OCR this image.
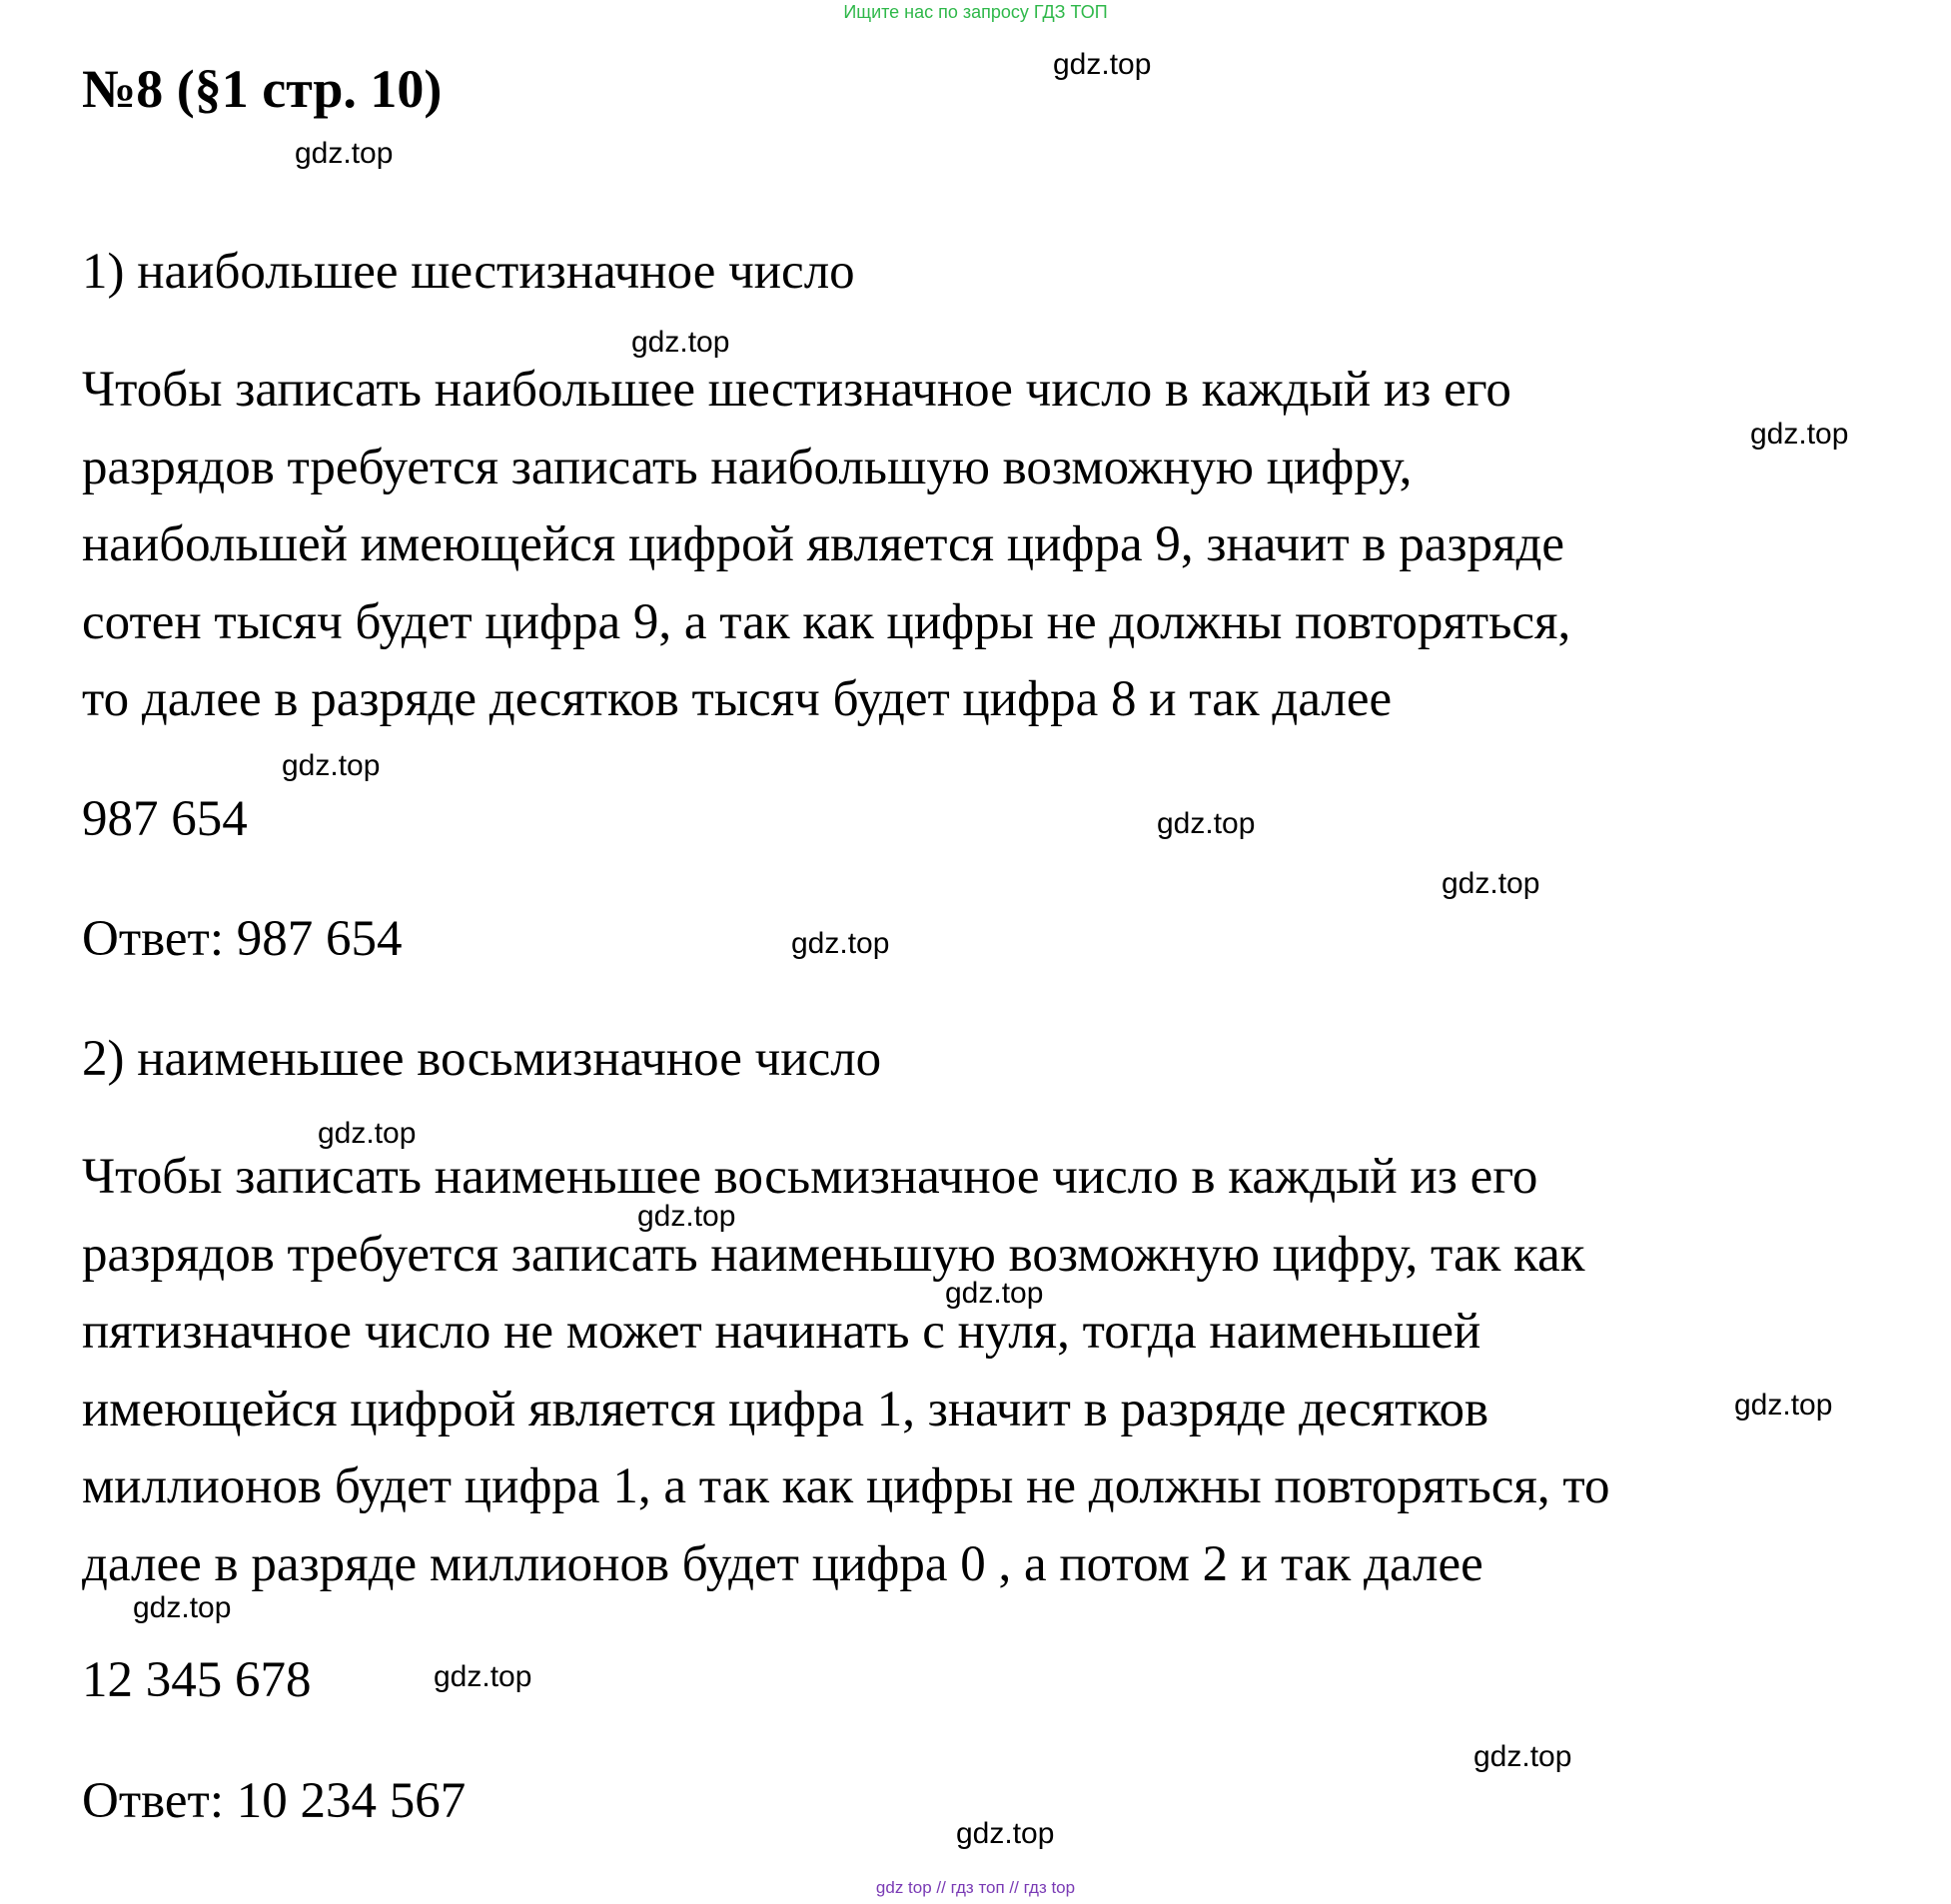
Ищите нас по запросу ГДЗ ТОП
№8 (§1 стр. 10)
1) наибольшее шестизначное число
Чтобы записать наибольшее шестизначное число в каждый из его
разрядов требуется записать наибольшую возможную цифру,
наибольшей имеющейся цифрой является цифра 9, значит в разряде
сотен тысяч будет цифра 9, а так как цифры не должны повторяться,
то далее в разряде десятков тысяч будет цифра 8 и так далее
987 654
Ответ: 987 654
2) наименьшее восьмизначное число
Чтобы записать наименьшее восьмизначное число в каждый из его
разрядов требуется записать наименьшую возможную цифру, так как
пятизначное число не может начинать с нуля, тогда наименьшей
имеющейся цифрой является цифра 1, значит в разряде десятков
миллионов будет цифра 1, а так как цифры не должны повторяться, то
далее в разряде миллионов будет цифра 0 , а потом 2 и так далее
12 345 678
Ответ: 10 234 567
gdz.top
gdz.top
gdz.top
gdz.top
gdz.top
gdz.top
gdz.top
gdz.top
gdz.top
gdz.top
gdz.top
gdz.top
gdz.top
gdz.top
gdz.top
gdz.top
gdz top // гдз топ // гдз top
